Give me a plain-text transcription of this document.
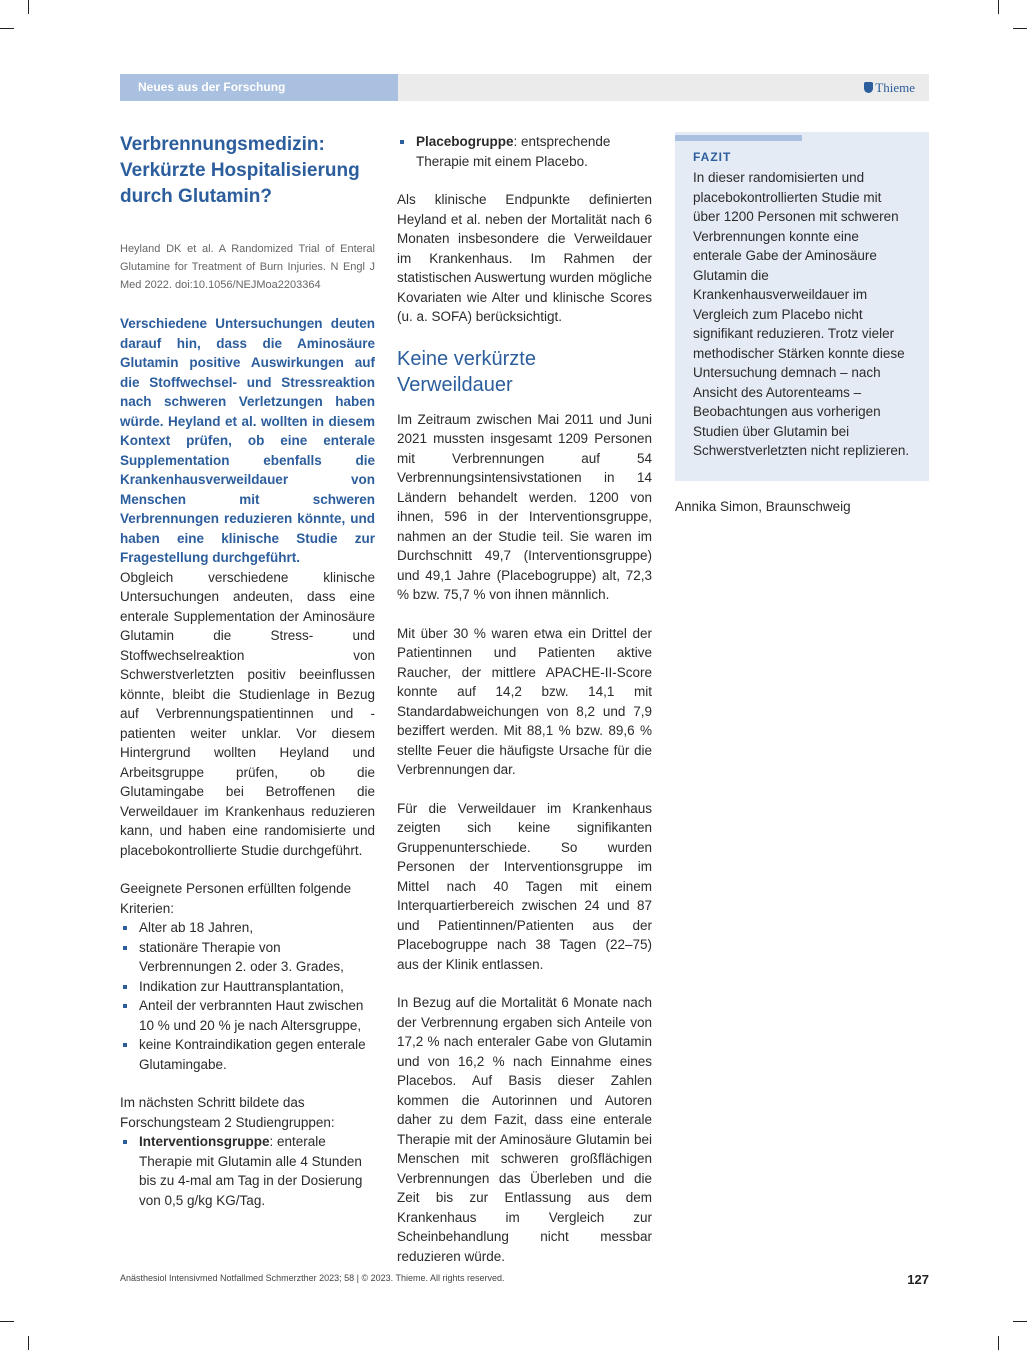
Neues aus der Forschung	Thieme
Verbrennungsmedizin: Verkürzte Hospitalisierung durch Glutamin?

Heyland DK et al. A Randomized Trial of Enteral Glutamine for Treatment of Burn Injuries. N Engl J Med 2022. doi:10.1056/NEJMoa2203364

Verschiedene Untersuchungen deuten darauf hin, dass die Aminosäure Glutamin positive Auswirkungen auf die Stoffwechsel- und Stressreaktion nach schweren Verletzungen haben würde. Heyland et al. wollten in diesem Kontext prüfen, ob eine enterale Supplementation ebenfalls die Krankenhausverweildauer von Menschen mit schweren Verbrennungen reduzieren könnte, und haben eine klinische Studie zur Fragestellung durchgeführt.

Obgleich verschiedene klinische Untersuchungen andeuten, dass eine enterale Supplementation der Aminosäure Glutamin die Stress- und Stoffwechselreaktion von Schwerstverletzten positiv beeinflussen könnte, bleibt die Studienlage in Bezug auf Verbrennungspatientinnen und -patienten weiter unklar. Vor diesem Hintergrund wollten Heyland und Arbeitsgruppe prüfen, ob die Glutamingabe bei Betroffenen die Verweildauer im Krankenhaus reduzieren kann, und haben eine randomisierte und placebokontrollierte Studie durchgeführt.

Geeignete Personen erfüllten folgende Kriterien:

Alter ab 18 Jahren,
stationäre Therapie von Verbrennungen 2. oder 3. Grades,
Indikation zur Hauttransplantation,
Anteil der verbrannten Haut zwischen 10 % und 20 % je nach Altersgruppe,
keine Kontraindikation gegen enterale Glutamingabe.

Im nächsten Schritt bildete das Forschungsteam 2 Studiengruppen:

Interventionsgruppe: enterale Therapie mit Glutamin alle 4 Stunden bis zu 4-mal am Tag in der Dosierung von 0,5 g/kg KG/Tag.
Placebogruppe: entsprechende Therapie mit einem Placebo.

Als klinische Endpunkte definierten Heyland et al. neben der Mortalität nach 6 Monaten insbesondere die Verweildauer im Krankenhaus. Im Rahmen der statistischen Auswertung wurden mögliche Kovariaten wie Alter und klinische Scores (u. a. SOFA) berücksichtigt.

Keine verkürzte Verweildauer

Im Zeitraum zwischen Mai 2011 und Juni 2021 mussten insgesamt 1209 Personen mit Verbrennungen auf 54 Verbrennungsintensivstationen in 14 Ländern behandelt werden. 1200 von ihnen, 596 in der Interventionsgruppe, nahmen an der Studie teil. Sie waren im Durchschnitt 49,7 (Interventionsgruppe) und 49,1 Jahre (Placebogruppe) alt, 72,3 % bzw. 75,7 % von ihnen männlich.

Mit über 30 % waren etwa ein Drittel der Patientinnen und Patienten aktive Raucher, der mittlere APACHE-II-Score konnte auf 14,2 bzw. 14,1 mit Standardabweichungen von 8,2 und 7,9 beziffert werden. Mit 88,1 % bzw. 89,6 % stellte Feuer die häufigste Ursache für die Verbrennungen dar.

Für die Verweildauer im Krankenhaus zeigten sich keine signifikanten Gruppenunterschiede. So wurden Personen der Interventionsgruppe im Mittel nach 40 Tagen mit einem Interquartierbereich zwischen 24 und 87 und Patientinnen/Patienten aus der Placebogruppe nach 38 Tagen (22–75) aus der Klinik entlassen.

In Bezug auf die Mortalität 6 Monate nach der Verbrennung ergaben sich Anteile von 17,2 % nach enteraler Gabe von Glutamin und von 16,2 % nach Einnahme eines Placebos. Auf Basis dieser Zahlen kommen die Autorinnen und Autoren daher zu dem Fazit, dass eine enterale Therapie mit der Aminosäure Glutamin bei Menschen mit schweren großflächigen Verbrennungen das Überleben und die Zeit bis zur Entlassung aus dem Krankenhaus im Vergleich zur Scheinbehandlung nicht messbar reduzieren würde.

FAZIT

In dieser randomisierten und placebokontrollierten Studie mit über 1200 Personen mit schweren Verbrennungen konnte eine enterale Gabe der Aminosäure Glutamin die Krankenhausverweildauer im Vergleich zum Placebo nicht signifikant reduzieren. Trotz vieler methodischer Stärken konnte diese Untersuchung demnach – nach Ansicht des Autorenteams – Beobachtungen aus vorherigen Studien über Glutamin bei Schwerstverletzten nicht replizieren.

Annika Simon, Braunschweig

Anästhesiol Intensivmed Notfallmed Schmerzther 2023; 58 | © 2023. Thieme. All rights reserved.	127
